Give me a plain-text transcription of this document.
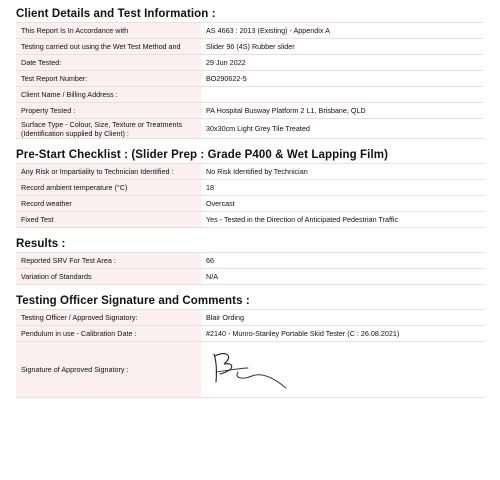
Client Details and Test Information :
This Report Is In Accordance with	AS 4663 : 2013 (Existing) - Appendix A
Testing carried out using the Wet Test Method and	Slider 96 (4S) Rubber slider
Date Tested:	29 Jun 2022
Test Report Number:	BO290622-5
Client Name / Billing Address :	
Property Tested :	PA Hospital Busway Platform 2 L1, Brisbane, QLD

Surface Type - Colour, Size, Texture or Treatments
(Identification supplied by Client) :	30x30cm Light Grey Tile Treated
Pre-Start Checklist : (Slider Prep : Grade P400 & Wet Lapping Film)
Any Risk or Impartiality to Technician Identified :	No Risk Identified by Technician
Record ambient temperature (°C)	18
Record weather	Overcast
Fixed Test	Yes - Tested in the Direction of Anticipated Pedestrian Traffic
Results :
Reported SRV For Test Area :	66
Variation of Standards	N/A
Testing Officer Signature and Comments :
Testing Officer / Approved Signatory:	Blair Ording
Pendulum in use - Calibration Date :	#2140 - Munro-Stanley Portable Skid Tester (C : 26.08.2021)
Signature of Approved Signatory :	
